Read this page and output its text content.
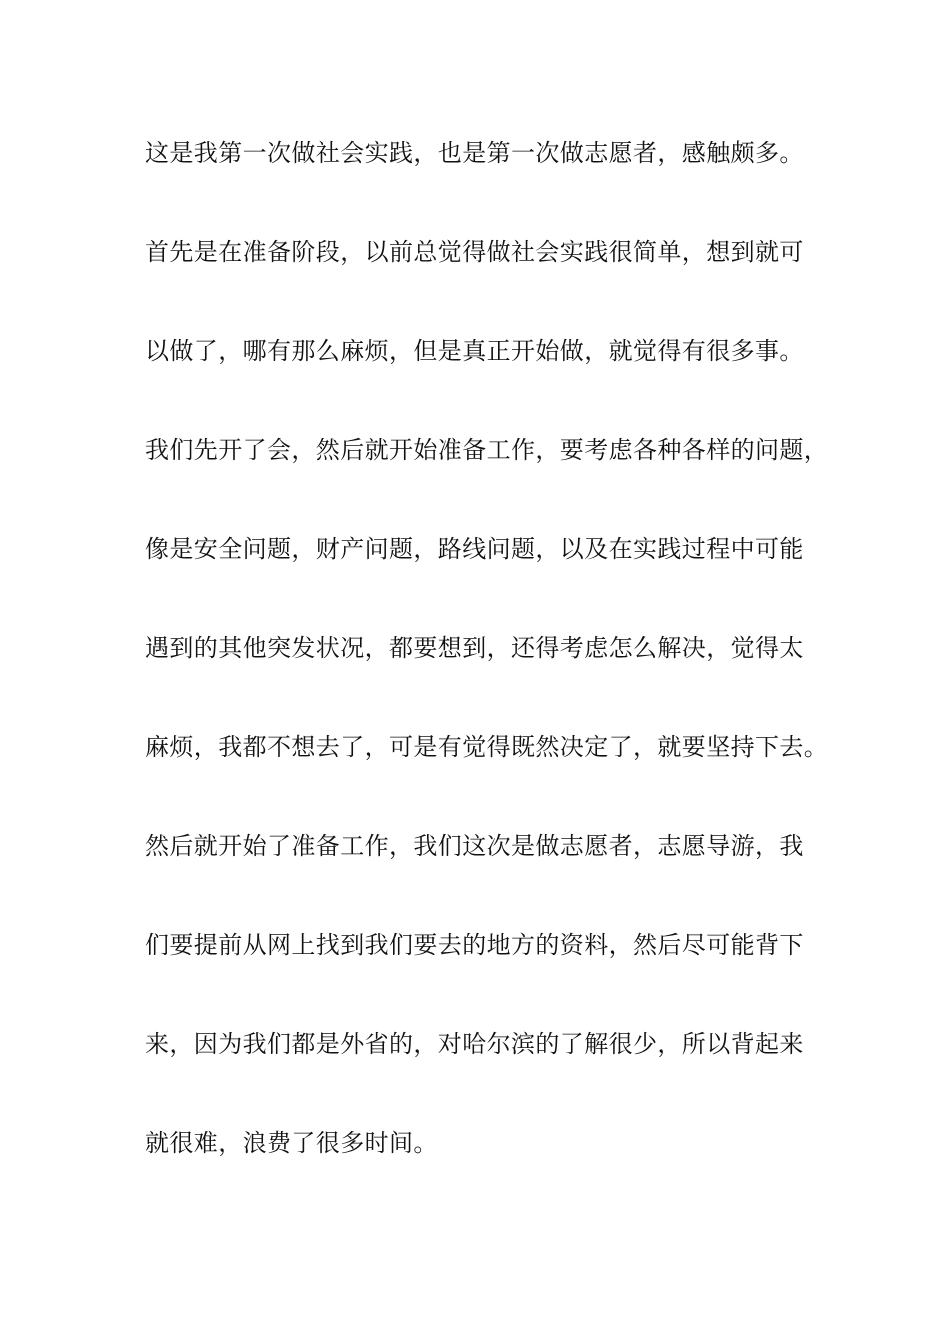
这是我第一次做社会实践，也是第一次做志愿者，感触颇多。
首先是在准备阶段，以前总觉得做社会实践很简单，想到就可
以做了，哪有那么麻烦，但是真正开始做，就觉得有很多事。
我们先开了会，然后就开始准备工作，要考虑各种各样的问题，
像是安全问题，财产问题，路线问题，以及在实践过程中可能
遇到的其他突发状况，都要想到，还得考虑怎么解决，觉得太
麻烦，我都不想去了，可是有觉得既然决定了，就要坚持下去。
然后就开始了准备工作，我们这次是做志愿者，志愿导游，我
们要提前从网上找到我们要去的地方的资料，然后尽可能背下
来，因为我们都是外省的，对哈尔滨的了解很少，所以背起来
就很难，浪费了很多时间。
